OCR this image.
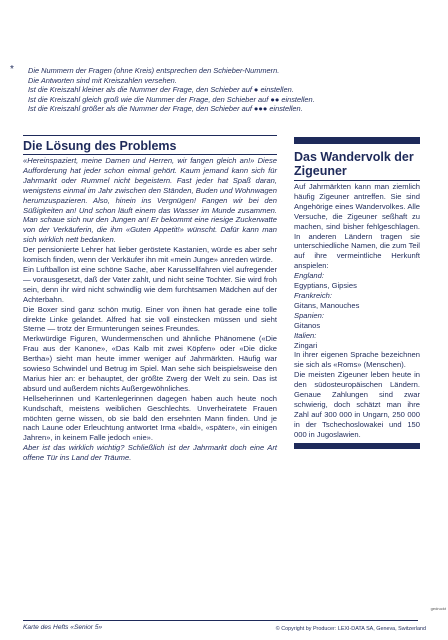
* Die Nummern der Fragen (ohne Kreis) entsprechen den Schieber-Nummern.
Die Antworten sind mit Kreiszahlen versehen.
Ist die Kreiszahl kleiner als die Nummer der Frage, den Schieber auf ● einstellen.
Ist die Kreiszahl gleich groß wie die Nummer der Frage, den Schieber auf ●● einstellen.
Ist die Kreiszahl größer als die Nummer der Frage, den Schieber auf ●●● einstellen.
Die Lösung des Problems

«Hereinspaziert, meine Damen und Herren, wir fangen gleich an!» Diese Aufforderung hat jeder schon einmal gehört. Kaum jemand kann sich für Jahrmarkt oder Rummel nicht begeistern. Fast jeder hat Spaß daran, wenigstens einmal im Jahr zwischen den Ständen, Buden und Wohnwagen herumzuspazieren. Also, hinein ins Vergnügen! Fangen wir bei den Süßigkeiten an! Und schon läuft einem das Wasser im Munde zusammen. Man schaue sich nur den Jungen an! Er bekommt eine riesige Zuckerwatte von der Verkäuferin, die ihm «Guten Appetit!» wünscht. Dafür kann man sich wirklich nett bedanken.

Der pensionierte Lehrer hat lieber geröstete Kastanien, würde es aber sehr komisch finden, wenn der Verkäufer ihn mit «mein Junge» anreden würde.

Ein Luftballon ist eine schöne Sache, aber Karussellfahren viel aufregender — vorausgesetzt, daß der Vater zahlt, und nicht seine Tochter. Sie wird froh sein, denn ihr wird nicht schwindlig wie dem furchtsamen Mädchen auf der Achterbahn.

Die Boxer sind ganz schön mutig. Einer von ihnen hat gerade eine tolle direkte Linke gelandet. Alfred hat sie voll einstecken müssen und sieht Sterne — trotz der Ermunterungen seines Freundes.

Merkwürdige Figuren, Wundermenschen und ähnliche Phänomene («Die Frau aus der Kanone», «Das Kalb mit zwei Köpfen» oder «Die dicke Bertha») sieht man heute immer weniger auf Jahrmärkten. Häufig war sowieso Schwindel und Betrug im Spiel. Man sehe sich beispielsweise den Marius hier an: er behauptet, der größte Zwerg der Welt zu sein. Das ist absurd und außerdem nichts Außergewöhnliches.

Hellseherinnen und Kartenlegerinnen dagegen haben auch heute noch Kundschaft, meistens weiblichen Geschlechts. Unverheiratete Frauen möchten gerne wissen, ob sie bald den ersehnten Mann finden. Und je nach Laune oder Erleuchtung antwortet Irma «bald», «später», «in einigen Jahren», in keinem Falle jedoch «nie».

Aber ist das wirklich wichtig? Schließlich ist der Jahrmarkt doch eine Art offene Tür ins Land der Träume.

Das Wandervolk der Zigeuner

Auf Jahrmärkten kann man ziemlich häufig Zigeuner antreffen. Sie sind Angehörige eines Wandervolkes. Alle Versuche, die Zigeuner seßhaft zu machen, sind bisher fehlgeschlagen. In anderen Ländern tragen sie unterschiedliche Namen, die zum Teil auf ihre vermeintliche Herkunft anspielen:

England:

Egyptians, Gipsies

Frankreich:

Gitans, Manouches

Spanien:

Gitanos

Italien:

Zingari

In ihrer eigenen Sprache bezeichnen sie sich als «Roms» (Menschen).

Die meisten Zigeuner leben heute in den südosteuropäischen Ländern. Genaue Zahlungen sind zwar schwierig, doch schätzt man ihre Zahl auf 300 000 in Ungarn, 250 000 in der Tschechoslowakei und 150 000 in Jugoslawien.

Karte des Hefts «Senior 5»	© Copyright by Producer: LEXI-DATA SA, Geneva, Switzerland
gedruckt
